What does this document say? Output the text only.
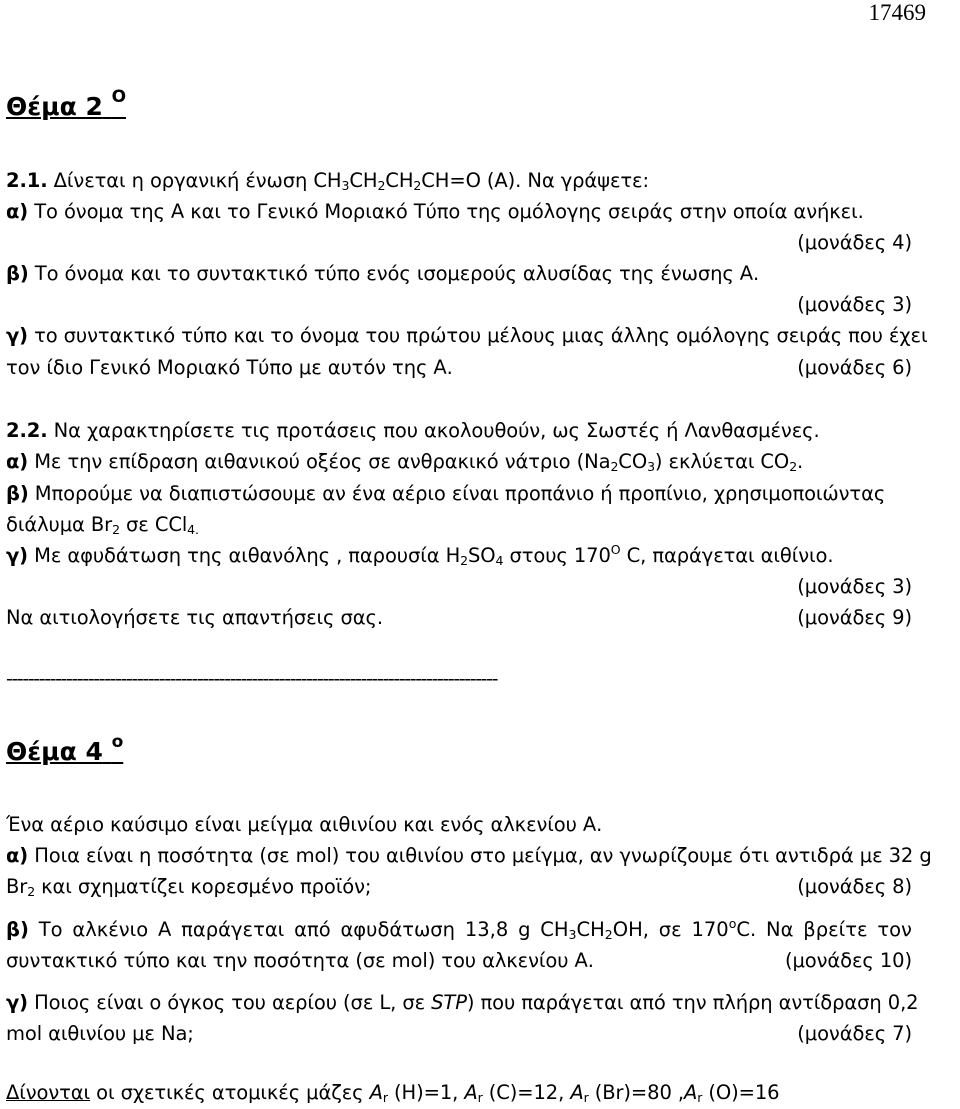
17469
Θέμα 2 $^O$
2.1. Δίνεται η οργανική ένωση $CH_3CH_2CH_2CH=O$ (A). Να γράψετε:
α) Το όνομα της Α και το Γενικό Μοριακό Τύπο της ομόλογης σειράς στην οποία ανήκει.
(μονάδες 4)
β) Το όνομα και το συντακτικό τύπο ενός ισομερούς αλυσίδας της ένωσης Α.
(μονάδες 3)
γ) το συντακτικό τύπο και το όνομα του πρώτου μέλους μιας άλλης ομόλογης σειράς που έχει
τον ίδιο Γενικό Μοριακό Τύπο με αυτόν της Α.	(μονάδες 6)
2.2. Να χαρακτηρίσετε τις προτάσεις που ακολουθούν, ως Σωστές ή Λανθασμένες.
α) Με την επίδραση αιθανικού οξέος σε ανθρακικό νάτριο $(Na_2CO_3)$ εκλύεται $CO_2$.
β) Μπορούμε να διαπιστώσουμε αν ένα αέριο είναι προπάνιο ή προπίνιο, χρησιμοποιώντας
διάλυμα $Br_2$ σε CCl$_{4.}$
γ) Με αφυδάτωση της αιθανόλης , παρουσία $H_2SO_4$ στους $170^O$ C, παράγεται αιθίνιο.
(μονάδες 3)
Να αιτιολογήσετε τις απαντήσεις σας.	(μονάδες 9)
------------------------------------------------------------------------------------------
Θέμα 4 $^o$
Ένα αέριο καύσιμο είναι μείγμα αιθινίου και ενός αλκενίου Α.
α) Ποια είναι η ποσότητα (σε mol) του αιθινίου στο μείγμα, αν γνωρίζουμε ότι αντιδρά με 32 g
$Br_2$ και σχηματίζει κορεσμένο προϊόν;	(μονάδες 8)
β) Το αλκένιο Α παράγεται από αφυδάτωση 13,8 g $CH_3CH_2OH$, σε 170$^o$C. Να βρείτε τον
συντακτικό τύπο και την ποσότητα (σε mol) του αλκενίου Α.	(μονάδες 10)
γ) Ποιος είναι ο όγκος του αερίου (σε L, σε STP) που παράγεται από την πλήρη αντίδραση 0,2
mol αιθινίου με Na;	(μονάδες 7)
Δίνονται οι σχετικές ατομικές μάζες $A_r$ (H)=1, $A_r$ (C)=12, $A_r$ (Br)=80 $,A_r$ (O)=16
